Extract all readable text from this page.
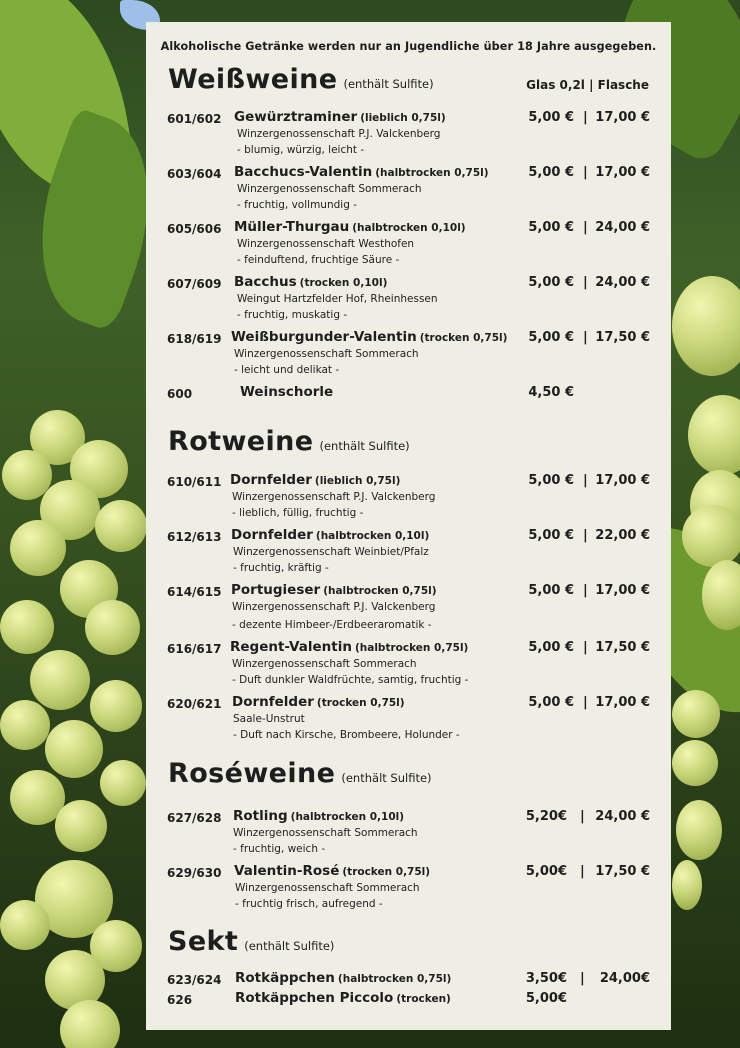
Alkoholische Getränke werden nur an Jugendliche über 18 Jahre ausgegeben.
Glas 0,2l | Flasche
Weißweine (enthält Sulfite)
601/602 Gewürztraminer (lieblich 0,75l)
Winzergenossenschaft P.J. Valckenberg
- blumig, würzig, leicht -
5,00 € | 17,00 €
603/604 Bacchucs-Valentin (halbtrocken 0,75l)
Winzergenossenschaft Sommerach
- fruchtig, vollmundig -
5,00 € | 17,00 €
605/606 Müller-Thurgau (halbtrocken 0,10l)
Winzergenossenschaft Westhofen
- feinduftend, fruchtige Säure -
5,00 € | 24,00 €
607/609 Bacchus (trocken 0,10l)
Weingut Hartzfelder Hof, Rheinhessen
- fruchtig, muskatig -
5,00 € | 24,00 €
618/619 Weißburgunder-Valentin (trocken 0,75l)
Winzergenossenschaft Sommerach
- leicht und delikat -
5,00 € | 17,50 €
600	Weinschorle	4,50 €
Rotweine (enthält Sulfite)
610/611 Dornfelder (lieblich 0,75l)
Winzergenossenschaft P.J. Valckenberg
- lieblich, füllig, fruchtig -
5,00 € | 17,00 €
612/613 Dornfelder (halbtrocken 0,10l)
Winzergenossenschaft Weinbiet/Pfalz
- fruchtig, kräftig -
5,00 € | 22,00 €
614/615 Portugieser (halbtrocken 0,75l)
Winzergenossenschaft P.J. Valckenberg
- dezente Himbeer-/Erdbeeraromatik -
5,00 € | 17,00 €
616/617 Regent-Valentin (halbtrocken 0,75l)
Winzergenossenschaft Sommerach
- Duft dunkler Waldfrüchte, samtig, fruchtig -
5,00 € | 17,50 €
620/621 Dornfelder (trocken 0,75l)
Saale-Unstrut
- Duft nach Kirsche, Brombeere, Holunder -
5,00 € | 17,00 €
Roséweine (enthält Sulfite)
627/628 Rotling (halbtrocken 0,10l)
Winzergenossenschaft Sommerach
- fruchtig, weich -
5,20€ | 24,00 €
629/630 Valentin-Rosé (trocken 0,75l)
Winzergenossenschaft Sommerach
- fruchtig frisch, aufregend -
5,00€ | 17,50 €
Sekt (enthält Sulfite)
623/624 Rotkäppchen (halbtrocken 0,75l)	3,50€ | 24,00€
626	Rotkäppchen Piccolo (trocken)	5,00€
